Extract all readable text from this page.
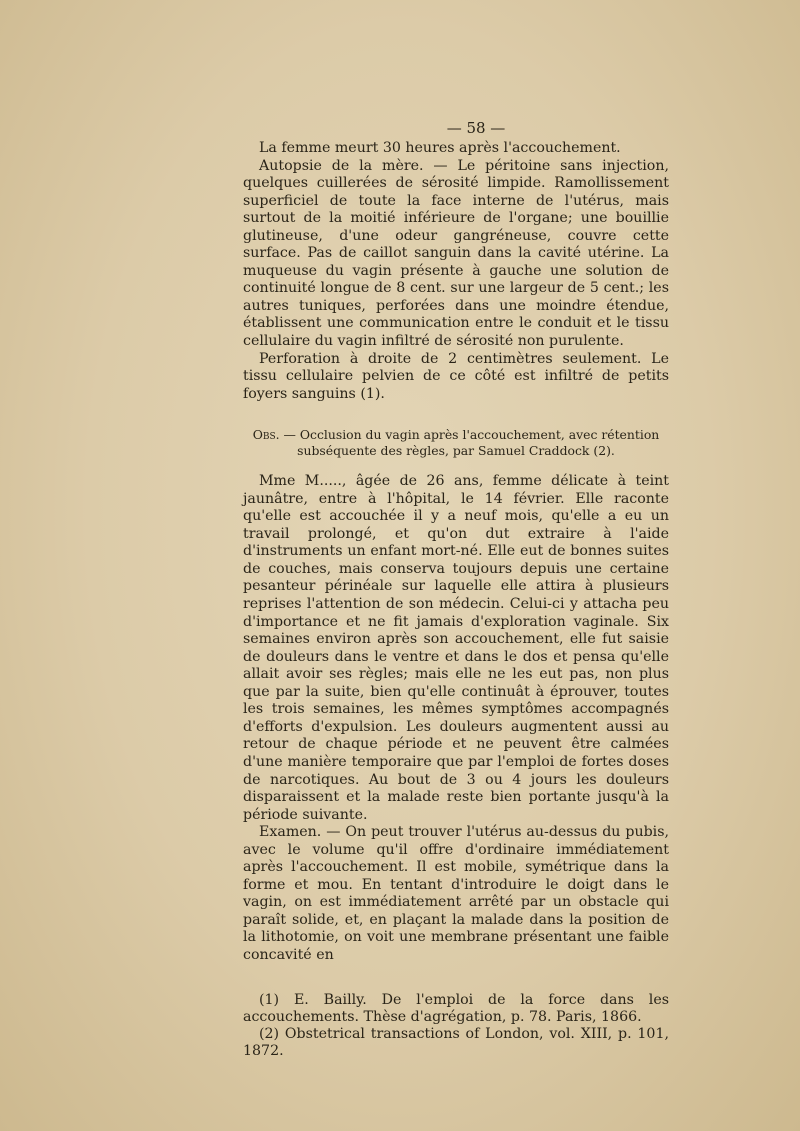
— 58 —

La femme meurt 30 heures après l'accouchement.

Autopsie de la mère. — Le péritoine sans injection, quelques cuillerées de sérosité limpide. Ramollissement superficiel de toute la face interne de l'utérus, mais surtout de la moitié inférieure de l'organe; une bouillie glutineuse, d'une odeur gangréneuse, couvre cette surface. Pas de caillot sanguin dans la cavité utérine. La muqueuse du vagin présente à gauche une solution de continuité longue de 8 cent. sur une largeur de 5 cent.; les autres tuniques, perforées dans une moindre étendue, établissent une communication entre le conduit et le tissu cellulaire du vagin infiltré de sérosité non purulente.

Perforation à droite de 2 centimètres seulement. Le tissu cellulaire pelvien de ce côté est infiltré de petits foyers sanguins (1).

Obs. — Occlusion du vagin après l'accouchement, avec rétention subséquente des règles, par Samuel Craddock (2).

Mme M....., âgée de 26 ans, femme délicate à teint jaunâtre, entre à l'hôpital, le 14 février. Elle raconte qu'elle est accouchée il y a neuf mois, qu'elle a eu un travail prolongé, et qu'on dut extraire à l'aide d'instruments un enfant mort-né. Elle eut de bonnes suites de couches, mais conserva toujours depuis une certaine pesanteur périnéale sur laquelle elle attira à plusieurs reprises l'attention de son médecin. Celui-ci y attacha peu d'importance et ne fit jamais d'exploration vaginale. Six semaines environ après son accouchement, elle fut saisie de douleurs dans le ventre et dans le dos et pensa qu'elle allait avoir ses règles; mais elle ne les eut pas, non plus que par la suite, bien qu'elle continuât à éprouver, toutes les trois semaines, les mêmes symptômes accompagnés d'efforts d'expulsion. Les douleurs augmentent aussi au retour de chaque période et ne peuvent être calmées d'une manière temporaire que par l'emploi de fortes doses de narcotiques. Au bout de 3 ou 4 jours les douleurs disparaissent et la malade reste bien portante jusqu'à la période suivante.

Examen. — On peut trouver l'utérus au-dessus du pubis, avec le volume qu'il offre d'ordinaire immédiatement après l'accouchement. Il est mobile, symétrique dans la forme et mou. En tentant d'introduire le doigt dans le vagin, on est immédiatement arrêté par un obstacle qui paraît solide, et, en plaçant la malade dans la position de la lithotomie, on voit une membrane présentant une faible concavité en

(1) E. Bailly. De l'emploi de la force dans les accouchements. Thèse d'agrégation, p. 78. Paris, 1866.

(2) Obstetrical transactions of London, vol. XIII, p. 101, 1872.
